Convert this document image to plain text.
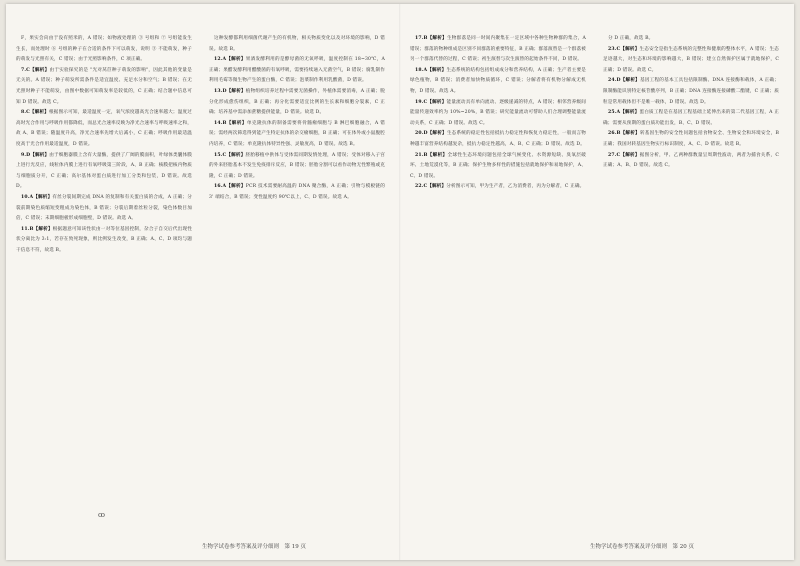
F，果实会向由于没有照米的，A 错误；如物液处理的 ③ 号组和 ⑦ 号组能发生生长，而处理时 ⑥ 号组的种子在合适的条件下可以萌发，说明 ③ 不能萌发，种子的萌发与光照有关，C 错误；由于光照影响条件，C 项正确。

7.C【解析】由于实验探究的是 "光对莴苣种子萌发的影响"，因此其他的变量是无关的。A 错误；种子萌发所需条件是适宜温度、充足水分和空气；B 错误；在无光照时种子不能萌发，由图中数据可知萌发率是较低的，C 正确；结合题中信息可知 D 错误。故选 C。

8.C【解析】根据图示可知，最适温度一定，氧气浓度越高光合速率越大；温度过高时光合作用与呼吸作用都降低，而总光合速率反映为净光合速率与呼吸速率之和，故 A、B 错误；随温度升高，净光合速率先增大后减小，C 正确；呼吸作用最适温度高于光合作用最适温度，D 错误。

9.D【解析】由于细胞器膜上含有大量酶，提供了广阔的膜面积，叶绿体类囊体膜上进行光反应，线粒体内膜上进行有氧呼吸第三阶段，A、B 正确；核膜把核内物质与细胞质分开，C 正确；高尔基体对蛋白质进行加工分类和包装，D 错误。故选 D。

10.A【解析】有丝分裂间期完成 DNA 的复制和有关蛋白质的合成，A 正确；分裂前期染色质缩短变粗成为染色体，B 错误；分裂后期着丝粒分裂，染色体数目加倍，C 错误；末期细胞板形成细胞壁，D 错误。故选 A。

11.B【解析】根据题意可知该性状由一对等位基因控制，杂合子自交后代出现性状分离比为 3:1，若存在致死现象，则比例发生改变，B 正确；A、C、D 项均与题干信息不符，故选 B。

这种发酵都利用细菌代谢产生的有机物，相关物质变化以及对环境的影响，D 错误。故选 B。

12.A【解析】果酒发酵利用的是酵母菌的无氧呼吸，温度控制在 18~30℃，A 正确；果醋发酵利用醋酸菌的有氧呼吸，需要持续通入无菌空气，B 错误；腐乳制作利用毛霉等微生物产生的蛋白酶，C 错误；泡菜制作利用乳酸菌，D 错误。

13.D【解析】植物组织培养过程中需要无菌操作，外植体需要消毒，A 正确；脱分化形成愈伤组织，B 正确；再分化需要适宜比例的生长素和细胞分裂素，C 正确；培养基中需添加蔗糖提供能量，D 错误。故选 D。

14.B【解析】单克隆抗体的制备需要将骨髓瘤细胞与 B 淋巴细胞融合，A 错误；需经两次筛选得到能产生特定抗体的杂交瘤细胞，B 正确；可在体外或小鼠腹腔内培养，C 错误；单克隆抗体特异性强、灵敏度高，D 错误。故选 B。

15.C【解析】胚胎移植中供体与受体需同期发情处理，A 错误；受体对移入子宫的外来胚胎基本不发生免疫排斥反应，B 错误；胚胎分割可以看作动物无性繁殖或克隆，C 正确；D 错误。

16.A【解析】PCR 技术需要耐高温的 DNA 聚合酶，A 正确；引物与模板链的 3' 端结合，B 错误；变性温度约 90℃以上，C、D 错误。故选 A。

17.B【解析】生物群落是同一时间内聚集在一定区域中各种生物种群的集合，A 错误；群落的物种组成是区别不同群落的重要特征，B 正确；群落演替是一个群落被另一个群落代替的过程，C 错误；初生演替与次生演替的起始条件不同，D 错误。

18.A【解析】生态系统的结构包括组成成分和营养结构，A 正确；生产者主要是绿色植物，B 错误；消费者加快物质循环，C 错误；分解者将有机物分解成无机物，D 错误。故选 A。

19.C【解析】能量流动具有单向流动、逐级递减的特点，A 错误；相邻营养级间能量传递效率约为 10%~20%，B 错误；研究能量流动可帮助人们合理调整能量流动关系，C 正确；D 错误。故选 C。

20.D【解析】生态系统的稳定性包括抵抗力稳定性和恢复力稳定性，一般而言物种越丰富营养结构越复杂，抵抗力稳定性越高，A、B、C 正确；D 错误。故选 D。

21.B【解析】全球性生态环境问题包括全球气候变化、水资源短缺、臭氧层破坏、土地荒漠化等，B 正确；保护生物多样性的措施包括就地保护和易地保护，A、C、D 错误。

22.C【解析】分析图示可知，甲为生产者，乙为消费者，丙为分解者，C 正确。

分 D 正确，故选 B。

23.C【解析】生态安全是指生态系统的完整性和健康的整体水平，A 错误；生态足迹越大，对生态和环境的影响越大，B 错误；建立自然保护区属于就地保护，C 正确；D 错误。故选 C。

24.D【解析】基因工程的基本工具包括限制酶、DNA 连接酶和载体，A 正确；限制酶能识别特定核苷酸序列，B 正确；DNA 连接酶连接磷酸二酯键，C 正确；质粒是常用载体但不是唯一载体，D 错误。故选 D。

25.A【解析】蛋白质工程是在基因工程基础上延伸出来的第二代基因工程，A 正确；需要从预期的蛋白质功能出发，B、C、D 错误。

26.B【解析】转基因生物的安全性问题包括食物安全、生物安全和环境安全，B 正确；我国对转基因生物实行标识制度，A、C、D 错误。故选 B。

27.C【解析】据图分析，甲、乙两种群数量呈周期性波动，两者为捕食关系，C 正确；A、B、D 错误。故选 C。

ꝏ
生物学试卷参考答案及评分细则　第 19 页	生物学试卷参考答案及评分细则　第 20 页
